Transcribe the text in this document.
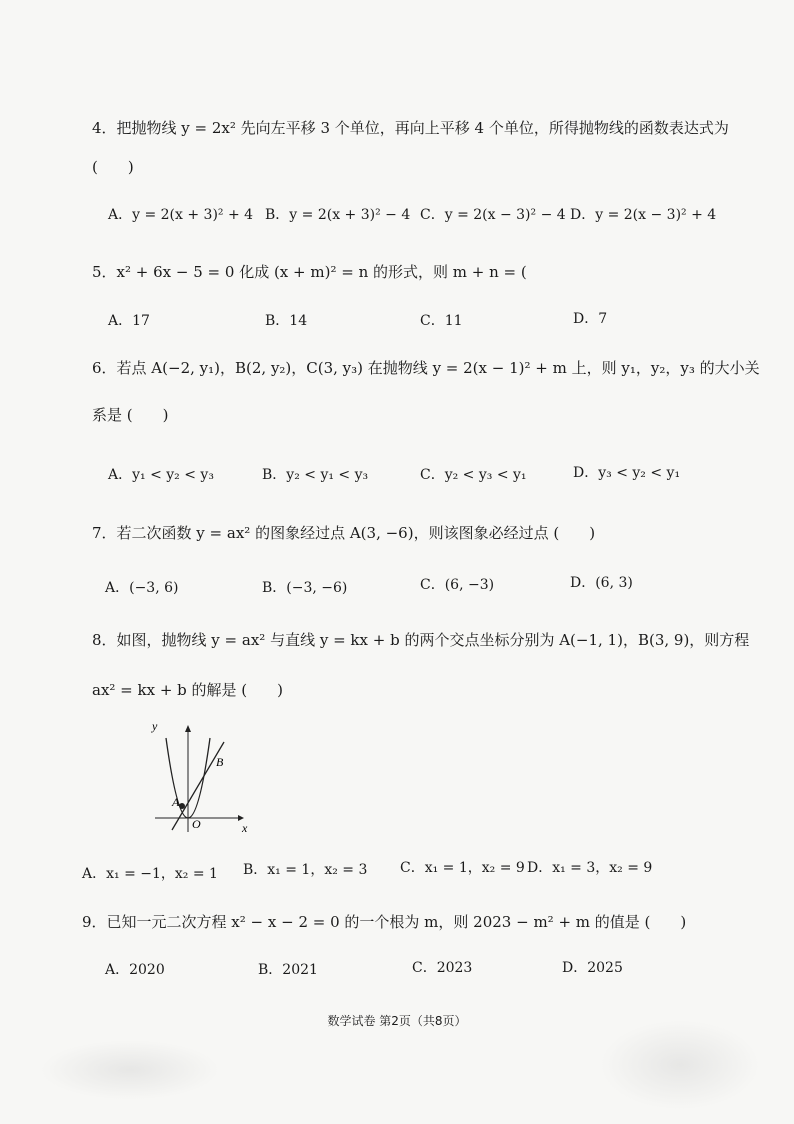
4．把抛物线 y = 2x² 先向左平移 3 个单位，再向上平移 4 个单位，所得抛物线的函数表达式为
(　　)
A．y = 2(x + 3)² + 4 B．y = 2(x + 3)² − 4 C．y = 2(x − 3)² − 4 D．y = 2(x − 3)² + 4
5．x² + 6x − 5 = 0 化成 (x + m)² = n 的形式，则 m + n = (
A．17	B．14	C．11	D．7
6．若点 A(−2, y₁)，B(2, y₂)，C(3, y₃) 在抛物线 y = 2(x − 1)² + m 上，则 y₁，y₂，y₃ 的大小关
系是 (　　)
A．y₁ < y₂ < y₃	B．y₂ < y₁ < y₃	C．y₂ < y₃ < y₁	D．y₃ < y₂ < y₁
7．若二次函数 y = ax² 的图象经过点 A(3, −6)，则该图象必经过点 (　　)
A．(−3, 6)	B．(−3, −6)	C．(6, −3)	D．(6, 3)
8．如图，抛物线 y = ax² 与直线 y = kx + b 的两个交点坐标分别为 A(−1, 1)，B(3, 9)，则方程
ax² = kx + b 的解是 (　　)
y
x
A
B
O
A．x₁ = −1，x₂ = 1 B．x₁ = 1，x₂ = 3 C．x₁ = 1，x₂ = 9 D．x₁ = 3，x₂ = 9
9．已知一元二次方程 x² − x − 2 = 0 的一个根为 m，则 2023 − m² + m 的值是 (　　)
A．2020	B．2021	C．2023	D．2025
数学试卷 第2页（共8页）
